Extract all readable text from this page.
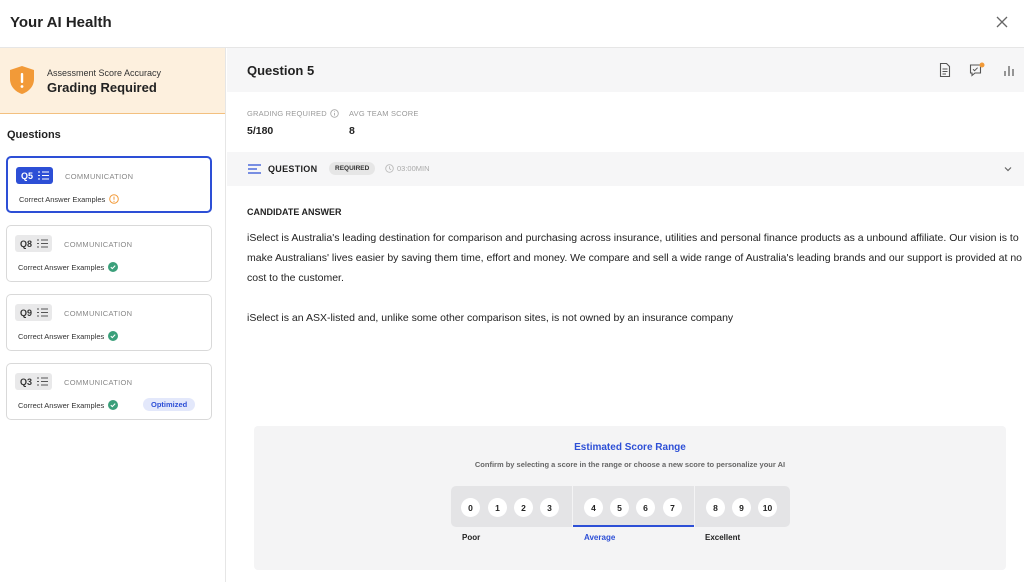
Your AI Health
Assessment Score Accuracy
Grading Required
Questions
Q5	COMMUNICATION
Correct Answer Examples
Q8	COMMUNICATION
Correct Answer Examples
Q9	COMMUNICATION
Correct Answer Examples
Q3	COMMUNICATION
Correct Answer Examples	Optimized
Question 5
GRADING REQUIRED
5/180
AVG TEAM SCORE
8
QUESTION	REQUIRED	03:00MIN
CANDIDATE ANSWER

iSelect is Australia's leading destination for comparison and purchasing across insurance, utilities and personal finance products as a unbound affiliate. Our vision is to make Australians' lives easier by saving them time, effort and money. We compare and sell a wide range of Australia's leading brands and our support is provided at no cost to the customer.

iSelect is an ASX-listed and, unlike some other comparison sites, is not owned by an insurance company

Estimated Score Range
Confirm by selecting a score in the range or choose a new score to personalize your AI
0	1	2	3	4	5	6	7	8	9	10
Poor	Average	Excellent
